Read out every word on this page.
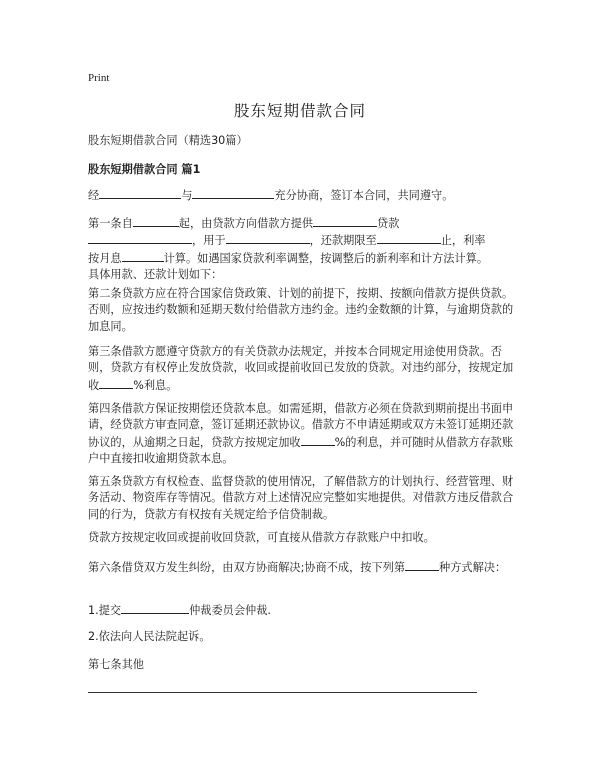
Print
股东短期借款合同

股东短期借款合同（精选30篇）

股东短期借款合同 篇1

经	与	充分协商，签订本合同，共同遵守。

第一条自	起，由贷款方向借款方提供	贷款
，用于	，还款期限至	止，利率
按月息	计算。如遇国家贷款利率调整，按调整后的新利率和计方法计算。
具体用款、还款计划如下：

第二条贷款方应在符合国家信贷政策、计划的前提下，按期、按额向借款方提供贷款。否则，应按违约数额和延期天数付给借款方违约金。违约金数额的计算，与逾期贷款的加息同。

第三条借款方愿遵守贷款方的有关贷款办法规定，并按本合同规定用途使用贷款。否则，贷款方有权停止发放贷款，收回或提前收回已发放的贷款。对违约部分，按规定加收	%利息。

第四条借款方保证按期偿还贷款本息。如需延期，借款方必须在贷款到期前提出书面申请，经贷款方审查同意，签订延期还款协议。借款方不申请延期或双方未签订延期还款协议的，从逾期之日起，贷款方按规定加收	%的利息，并可随时从借款方存款账户中直接扣收逾期贷款本息。

第五条贷款方有权检查、监督贷款的使用情况，了解借款方的计划执行、经营管理、财务活动、物资库存等情况。借款方对上述情况应完整如实地提供。对借款方违反借款合同的行为，贷款方有权按有关规定给予信贷制裁。

贷款方按规定收回或提前收回贷款，可直接从借款方存款账户中扣收。

第六条借贷双方发生纠纷，由双方协商解决;协商不成，按下列第	种方式解决：

1.提交	仲裁委员会仲裁.

2.依法向人民法院起诉。

第七条其他
